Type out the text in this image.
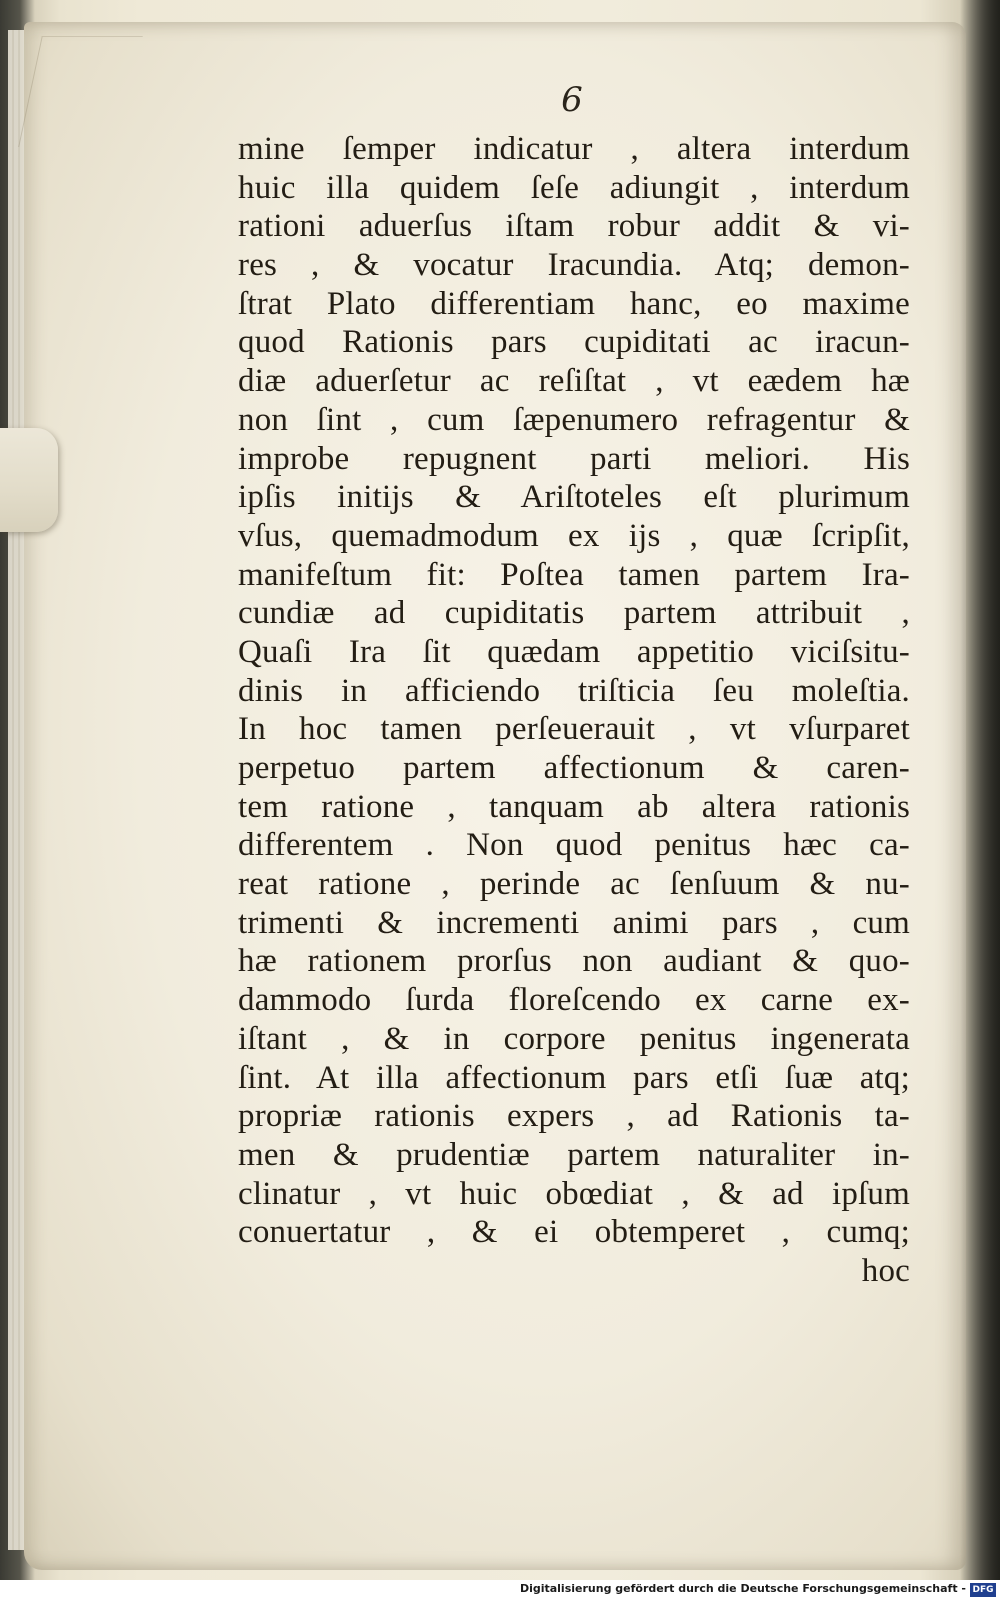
6
mine ſemper indicatur , altera interdum
huic illa quidem ſeſe adiungit , interdum
rationi aduerſus iſtam robur addit & vi-
res , & vocatur Iracundia. Atq; demon-
ſtrat Plato differentiam hanc, eo maxime
quod Rationis pars cupiditati ac iracun-
diæ aduerſetur ac reſiſtat , vt eædem hæ
non ſint , cum ſæpenumero refragentur &
improbe repugnent parti meliori. His
ipſis initijs & Ariſtoteles eſt plurimum
vſus, quemadmodum ex ijs , quæ ſcripſit,
manifeſtum fit: Poſtea tamen partem Ira-
cundiæ ad cupiditatis partem attribuit ,
Quaſi Ira ſit quædam appetitio viciſsitu-
dinis in afficiendo triſticia ſeu moleſtia.
In hoc tamen perſeuerauit , vt vſurparet
perpetuo partem affectionum & caren-
tem ratione , tanquam ab altera rationis
differentem . Non quod penitus hæc ca-
reat ratione , perinde ac ſenſuum & nu-
trimenti & incrementi animi pars , cum
hæ rationem prorſus non audiant & quo-
dammodo ſurda floreſcendo ex carne ex-
iſtant , & in corpore penitus ingenerata
ſint. At illa affectionum pars etſi ſuæ atq;
propriæ rationis expers , ad Rationis ta-
men & prudentiæ partem naturaliter in-
clinatur , vt huic obœdiat , & ad ipſum
conuertatur , & ei obtemperet , cumq;
hoc
Digitalisierung gefördert durch die Deutsche Forschungsgemeinschaft - DFG
